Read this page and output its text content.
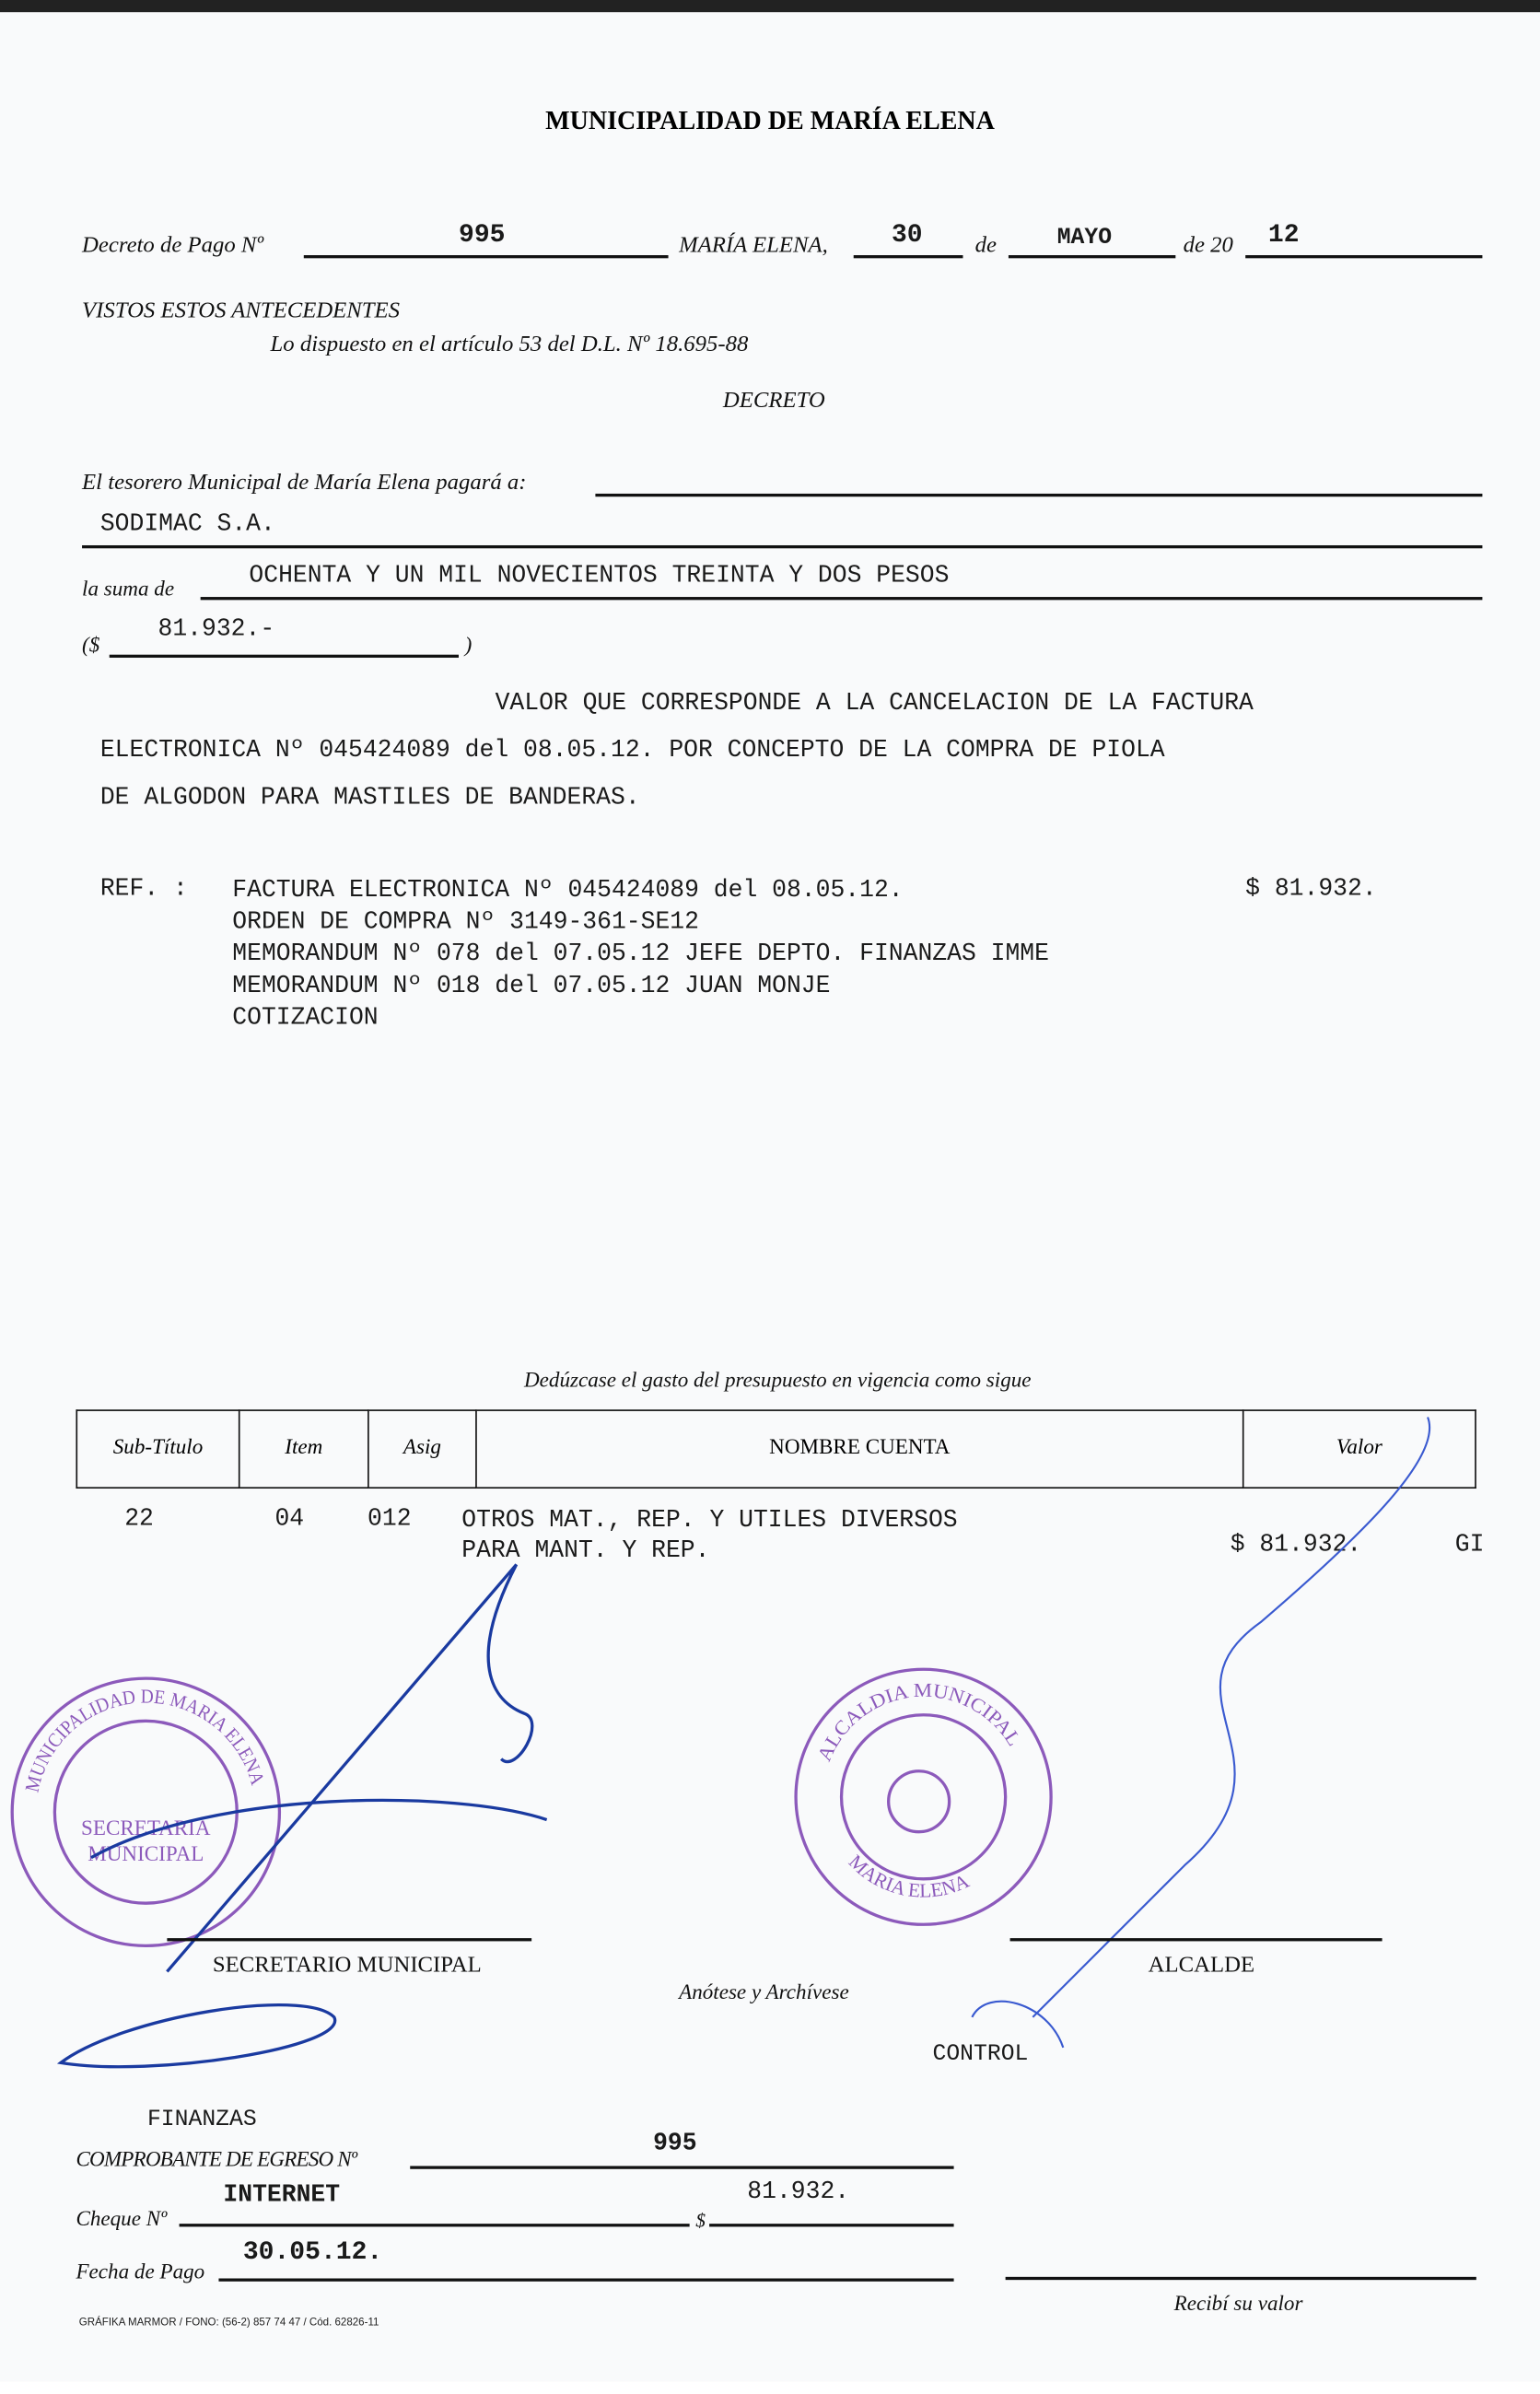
MUNICIPALIDAD DE MARÍA ELENA
Decreto de Pago Nº	995	MARÍA ELENA,	30	de	MAYO	de 20 12
VISTOS ESTOS ANTECEDENTES
Lo dispuesto en el artículo 53 del D.L. Nº 18.695-88
DECRETO
El tesorero Municipal de María Elena pagará a:
SODIMAC S.A.
la suma de
OCHENTA Y UN MIL NOVECIENTOS TREINTA Y DOS PESOS
($
81.932.-
)
VALOR QUE CORRESPONDE A LA CANCELACION DE LA FACTURA
ELECTRONICA Nº 045424089 del 08.05.12. POR CONCEPTO DE LA COMPRA DE PIOLA
DE ALGODON PARA MASTILES DE BANDERAS.
REF. :	FACTURA ELECTRONICA Nº 045424089 del 08.05.12.
ORDEN DE COMPRA Nº 3149-361-SE12
MEMORANDUM Nº 078 del 07.05.12 JEFE DEPTO. FINANZAS IMME
MEMORANDUM Nº 018 del 07.05.12 JUAN MONJE
COTIZACION
$ 81.932.
Dedúzcase el gasto del presupuesto en vigencia como sigue
Sub-Título	Item	Asig	NOMBRE CUENTA	Valor
22	04	012	OTROS MAT., REP. Y UTILES DIVERSOS
PARA MANT. Y REP.	$ 81.932.	GI
MUNICIPALIDAD DE MARIA ELENA
SECRETARIA MUNICIPAL
ALCALDIA MUNICIPAL
MARIA ELENA
SECRETARIO MUNICIPAL	ALCALDE
Anótese y Archívese
CONTROL
FINANZAS
COMPROBANTE DE EGRESO Nº
995
Cheque Nº
INTERNET
$
81.932.
Fecha de Pago
30.05.12.
Recibí su valor
GRÁFIKA MARMOR / FONO: (56-2) 857 74 47 / Cód. 62826-11
